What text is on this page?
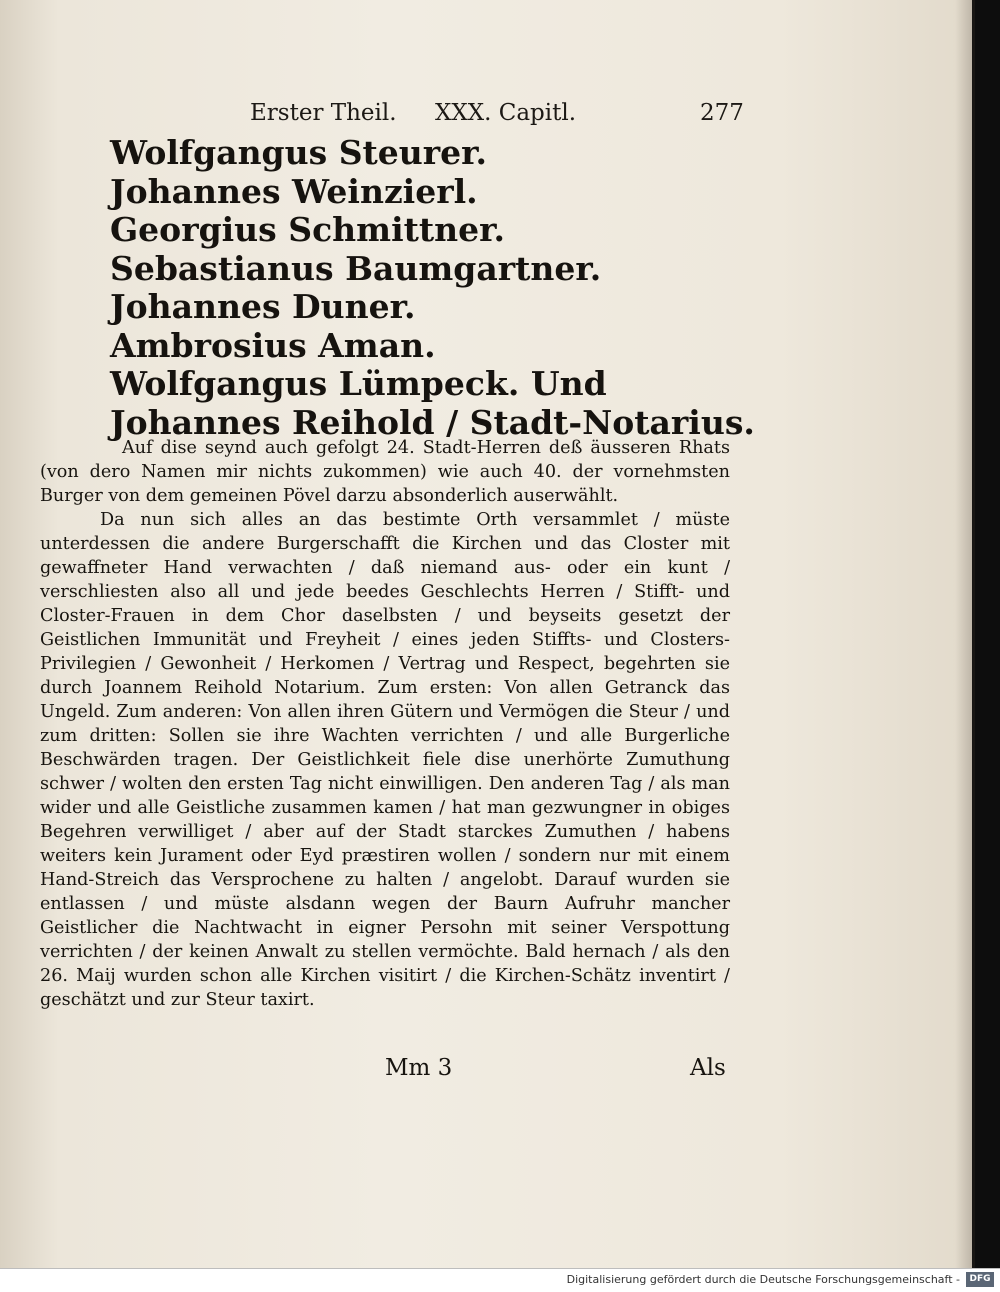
Erster Theil. XXX. Capitl.	277
Wolfgangus Steurer.
Johannes Weinzierl.
Georgius Schmittner.
Sebastianus Baumgartner.
Johannes Duner.
Ambrosius Aman.
Wolfgangus Lümpeck. Und
Johannes Reihold / Stadt-Notarius.

Auf dise seynd auch gefolgt 24. Stadt-Herren deß äusseren Rhats (von dero Namen mir nichts zukommen) wie auch 40. der vornehmsten Burger von dem gemeinen Pövel darzu absonderlich auserwählt.

Da nun sich alles an das bestimte Orth versammlet / müste unterdessen die andere Burgerschafft die Kirchen und das Closter mit gewaffneter Hand verwachten / daß niemand aus- oder ein kunt / verschliesten also all und jede beedes Geschlechts Herren / Stifft- und Closter-Frauen in dem Chor daselbsten / und beyseits gesetzt der Geistlichen Immunität und Freyheit / eines jeden Stiffts- und Closters-Privilegien / Gewonheit / Herkomen / Vertrag und Respect, begehrten sie durch Joannem Reihold Notarium. Zum ersten: Von allen Getranck das Ungeld. Zum anderen: Von allen ihren Gütern und Vermögen die Steur / und zum dritten: Sollen sie ihre Wachten verrichten / und alle Burgerliche Beschwärden tragen. Der Geistlichkeit fiele dise unerhörte Zumuthung schwer / wolten den ersten Tag nicht einwilligen. Den anderen Tag / als man wider und alle Geistliche zusammen kamen / hat man gezwungner in obiges Begehren verwilliget / aber auf der Stadt starckes Zumuthen / habens weiters kein Jurament oder Eyd præstiren wollen / sondern nur mit einem Hand-Streich das Versprochene zu halten / angelobt. Darauf wurden sie entlassen / und müste alsdann wegen der Baurn Aufruhr mancher Geistlicher die Nachtwacht in eigner Persohn mit seiner Verspottung verrichten / der keinen Anwalt zu stellen vermöchte. Bald hernach / als den 26. Maij wurden schon alle Kirchen visitirt / die Kirchen-Schätz inventirt / geschätzt und zur Steur taxirt.

Mm 3	Als
Digitalisierung gefördert durch die Deutsche Forschungsgemeinschaft -	DFG
